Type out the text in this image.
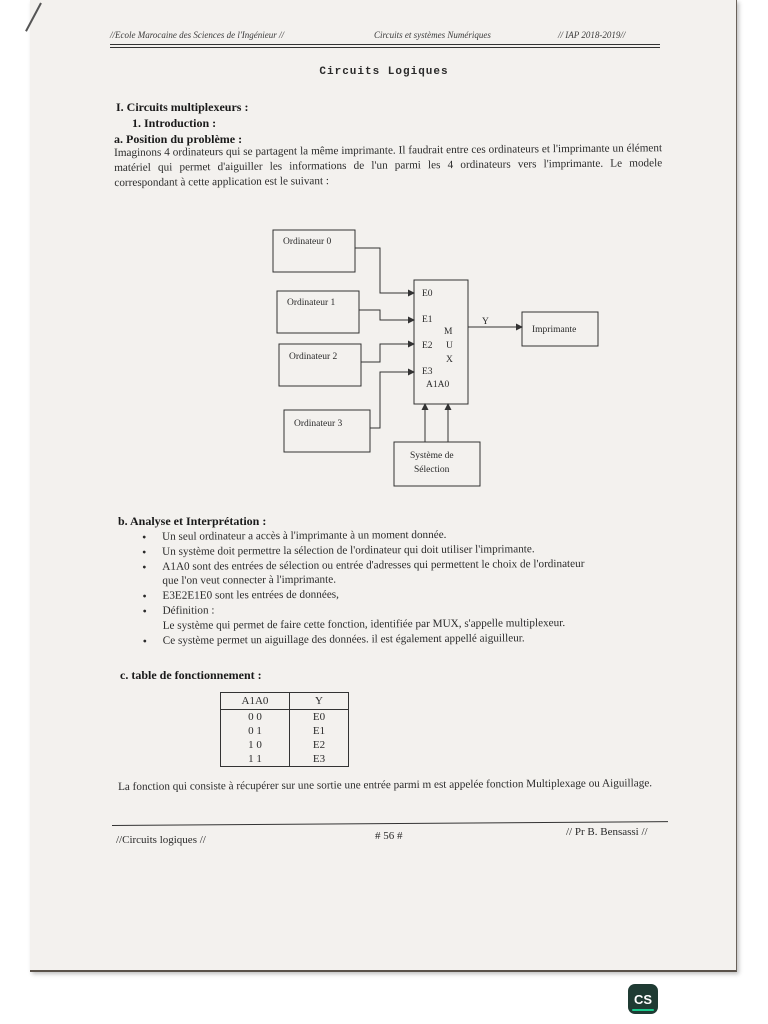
//Ecole Marocaine des Sciences de l'Ingénieur //	Circuits et systèmes Numériques	// IAP 2018-2019//
Circuits Logiques
I. Circuits multiplexeurs :
1. Introduction :
a. Position du problème :
Imaginons 4 ordinateurs qui se partagent la même imprimante. Il faudrait entre ces ordinateurs et l'imprimante un élément matériel qui permet d'aiguiller les informations de l'un parmi les 4 ordinateurs vers l'imprimante. Le modele correspondant à cette application est le suivant :
Ordinateur 0
Ordinateur 1
Ordinateur 2
Ordinateur 3
E0
E1
E2
E3
M
U
X
A1A0
Y
Imprimante
Système de
Sélection
b. Analyse et Interprétation :
• Un seul ordinateur a accès à l'imprimante à un moment donnée.
• Un système doit permettre la sélection de l'ordinateur qui doit utiliser l'imprimante.
• A1A0 sont des entrées de sélection ou entrée d'adresses qui permettent le choix de l'ordinateur
que l'on veut connecter à l'imprimante.
• E3E2E1E0 sont les entrées de données,
• Définition :
Le système qui permet de faire cette fonction, identifiée par MUX, s'appelle multiplexeur.
• Ce système permet un aiguillage des données. il est également appellé aiguilleur.
c. table de fonctionnement :
A1A0	Y
0 0	E0
0 1	E1
1 0	E2
1 1	E3
La fonction qui consiste à récupérer sur une sortie une entrée parmi m est appelée fonction Multiplexage ou Aiguillage.
//Circuits logiques //	# 56 #	// Pr B. Bensassi //
CS
